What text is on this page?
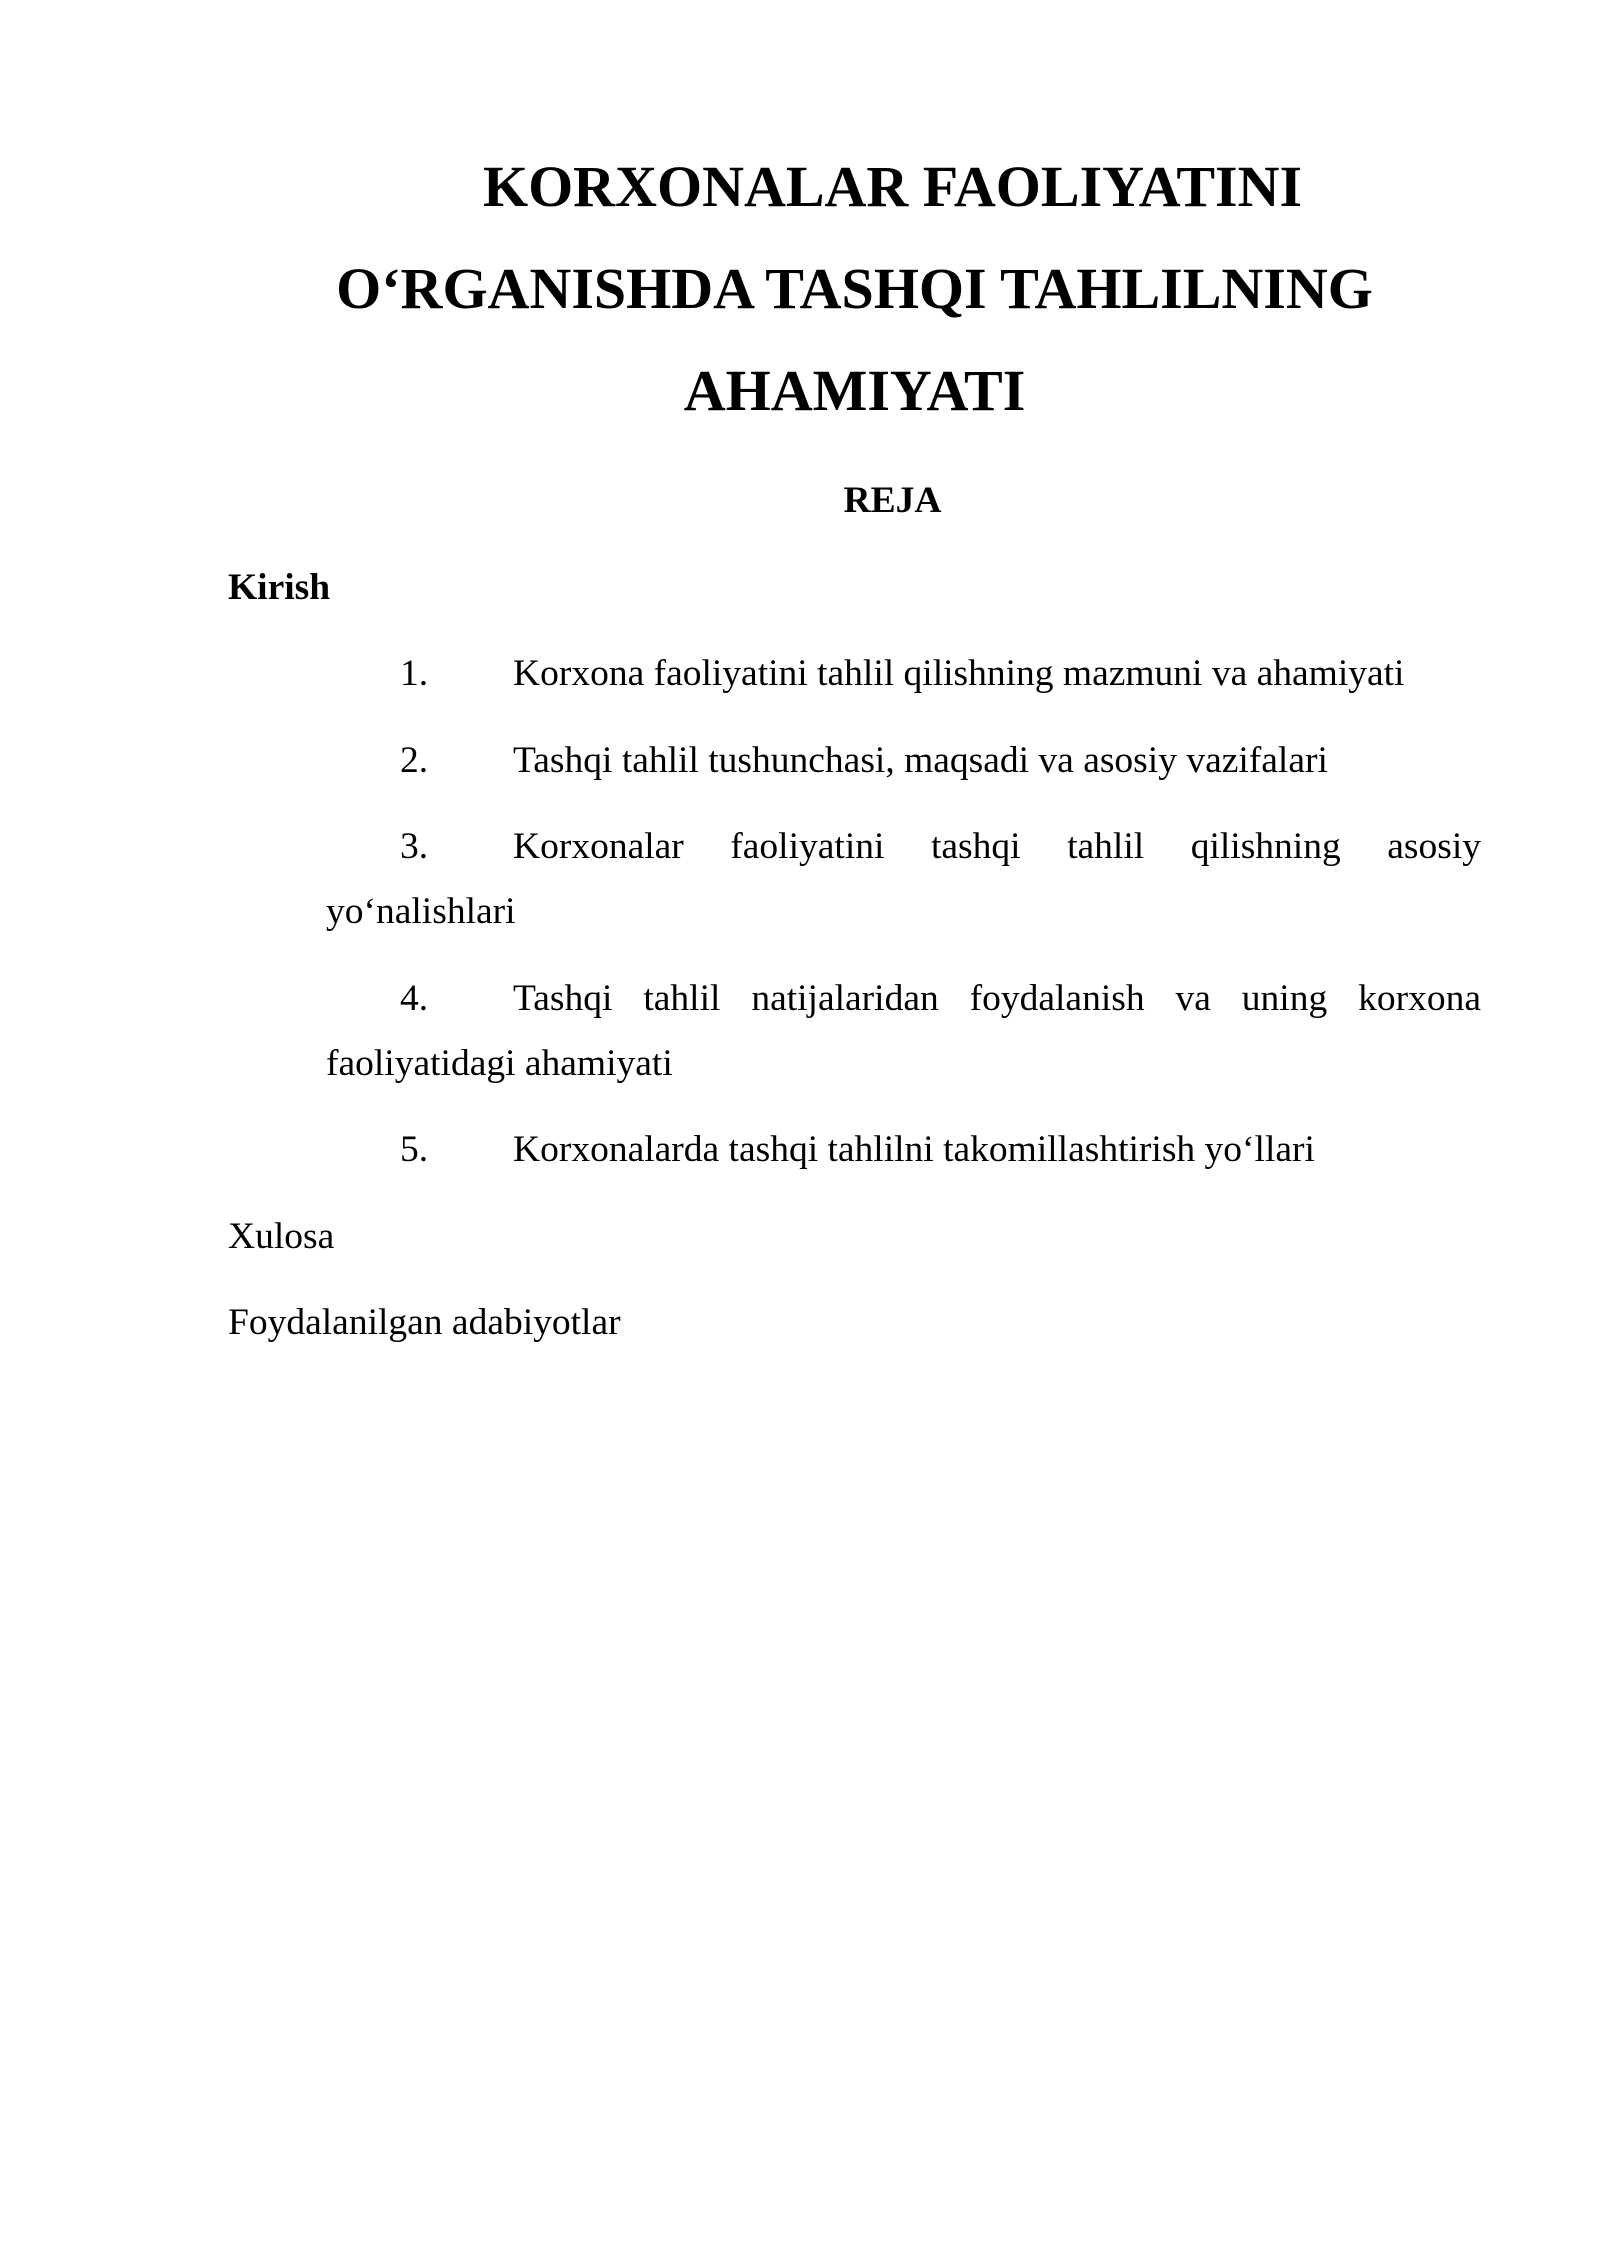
KORXONALAR FAOLIYATINI O‘RGANISHDA TASHQI TAHLILNING AHAMIYATI
REJA
Kirish
1. Korxona faoliyatini tahlil qilishning mazmuni va ahamiyati
2. Tashqi tahlil tushunchasi, maqsadi va asosiy vazifalari
3. Korxonalar faoliyatini tashqi tahlil qilishning asosiy yo‘nalishlari
4. Tashqi tahlil natijalaridan foydalanish va uning korxona faoliyatidagi ahamiyati
5. Korxonalarda tashqi tahlilni takomillashtirish yo‘llari
Xulosa
Foydalanilgan adabiyotlar
